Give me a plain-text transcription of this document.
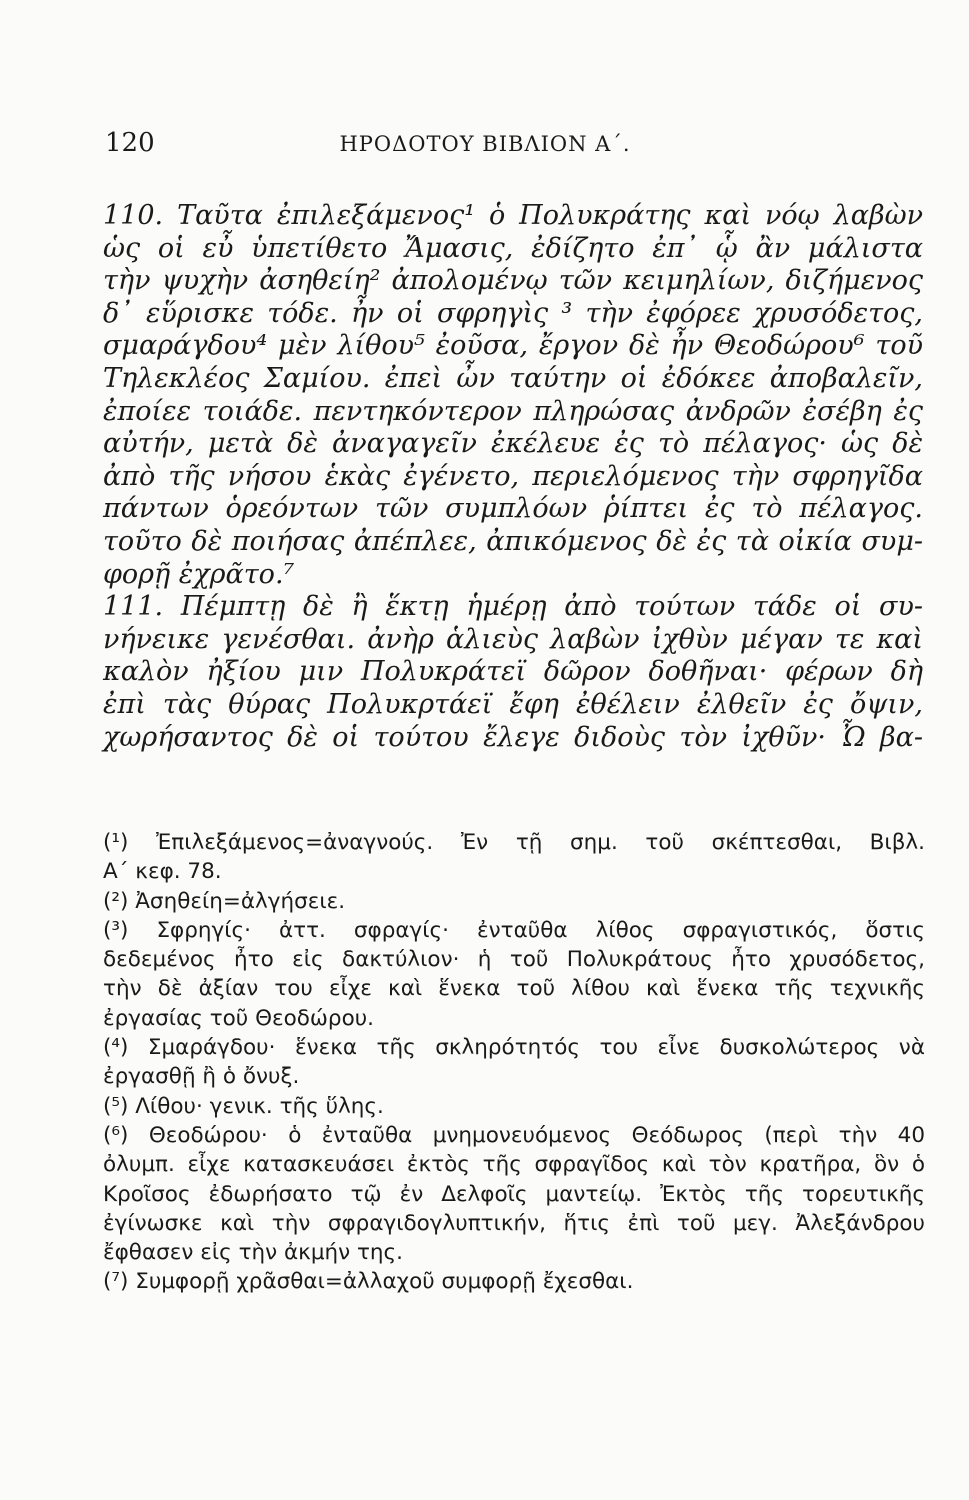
120	ΗΡΟΔΟΤΟΥ ΒΙΒΛΙΟΝ Α΄.
110. Ταῦτα ἐπιλεξάμενος¹ ὁ Πολυκράτης καὶ νόῳ λαβὼν
ὡς οἱ εὖ ὑπετίθετο Ἄμασις, ἐδίζητο ἐπ᾽ ᾧ ἂν μάλιστα
τὴν ψυχὴν ἀσηθείη² ἀπολομένῳ τῶν κειμηλίων, διζήμενος
δ᾽ εὕρισκε τόδε. ἦν οἱ σφρηγὶς ³ τὴν ἐφόρεε χρυσόδετος,
σμαράγδου⁴ μὲν λίθου⁵ ἐοῦσα, ἔργον δὲ ἦν Θεοδώρου⁶ τοῦ
Τηλεκλέος Σαμίου. ἐπεὶ ὦν ταύτην οἱ ἐδόκεε ἀποβαλεῖν,
ἐποίεε τοιάδε. πεντηκόντερον πληρώσας ἀνδρῶν ἐσέβη ἐς
αὐτήν, μετὰ δὲ ἀναγαγεῖν ἐκέλευε ἐς τὸ πέλαγος· ὡς δὲ
ἀπὸ τῆς νήσου ἑκὰς ἐγένετο, περιελόμενος τὴν σφρηγῖδα
πάντων ὁρεόντων τῶν συμπλόων ῥίπτει ἐς τὸ πέλαγος.
τοῦτο δὲ ποιήσας ἀπέπλεε, ἀπικόμενος δὲ ἐς τὰ οἰκία συμ-
φορῇ ἐχρᾶτο.⁷
111. Πέμπτῃ δὲ ἢ ἕκτῃ ἡμέρῃ ἀπὸ τούτων τάδε οἱ συ-
νήνεικε γενέσθαι. ἀνὴρ ἁλιεὺς λαβὼν ἰχθὺν μέγαν τε καὶ
καλὸν ἠξίου μιν Πολυκράτεϊ δῶρον δοθῆναι· φέρων δὴ
ἐπὶ τὰς θύρας Πολυκρτάεϊ ἔφη ἐθέλειν ἐλθεῖν ἐς ὄψιν,
χωρήσαντος δὲ οἱ τούτου ἔλεγε διδοὺς τὸν ἰχθῦν· Ὦ βα-
(¹) Ἐπιλεξάμενος=ἀναγνούς. Ἐν τῇ σημ. τοῦ σκέπτεσθαι, Βιβλ.
Α΄ κεφ. 78.
(²) Ἀσηθείη=ἀλγήσειε.
(³) Σφρηγίς· ἀττ. σφραγίς· ἐνταῦθα λίθος σφραγιστικός, ὅστις
δεδεμένος ἦτο εἰς δακτύλιον· ἡ τοῦ Πολυκράτους ἦτο χρυσόδετος,
τὴν δὲ ἀξίαν του εἶχε καὶ ἕνεκα τοῦ λίθου καὶ ἕνεκα τῆς τεχνικῆς
ἐργασίας τοῦ Θεοδώρου.
(⁴) Σμαράγδου· ἕνεκα τῆς σκληρότητός του εἶνε δυσκολώτερος νὰ
ἐργασθῇ ἢ ὁ ὄνυξ.
(⁵) Λίθου· γενικ. τῆς ὕλης.
(⁶) Θεοδώρου· ὁ ἐνταῦθα μνημονευόμενος Θεόδωρος (περὶ τὴν 40
ὀλυμπ. εἶχε κατασκευάσει ἐκτὸς τῆς σφραγῖδος καὶ τὸν κρατῆρα, ὃν ὁ
Κροῖσος ἐδωρήσατο τῷ ἐν Δελφοῖς μαντείῳ. Ἐκτὸς τῆς τορευτικῆς
ἐγίνωσκε καὶ τὴν σφραγιδογλυπτικήν, ἥτις ἐπὶ τοῦ μεγ. Ἀλεξάνδρου
ἔφθασεν εἰς τὴν ἀκμήν της.
(⁷) Συμφορῇ χρᾶσθαι=ἀλλαχοῦ συμφορῇ ἔχεσθαι.
